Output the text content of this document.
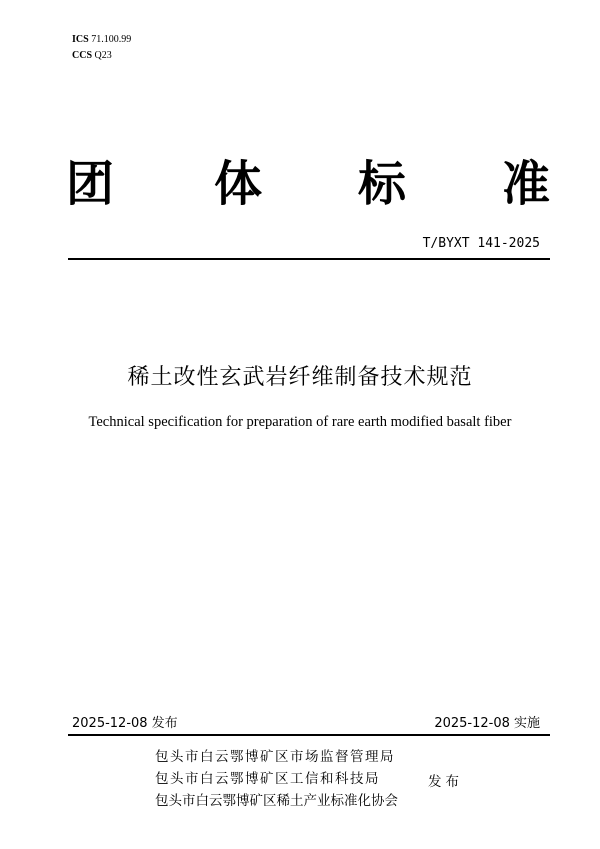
ICS 71.100.99
CCS Q23
团 体 标 准
T/BYXT 141-2025
稀土改性玄武岩纤维制备技术规范
Technical specification for preparation of rare earth modified basalt fiber
2025-12-08 发布	2025-12-08 实施
包头市白云鄂博矿区市场监督管理局
包头市白云鄂博矿区工信和科技局
包头市白云鄂博矿区稀土产业标准化协会
发布
